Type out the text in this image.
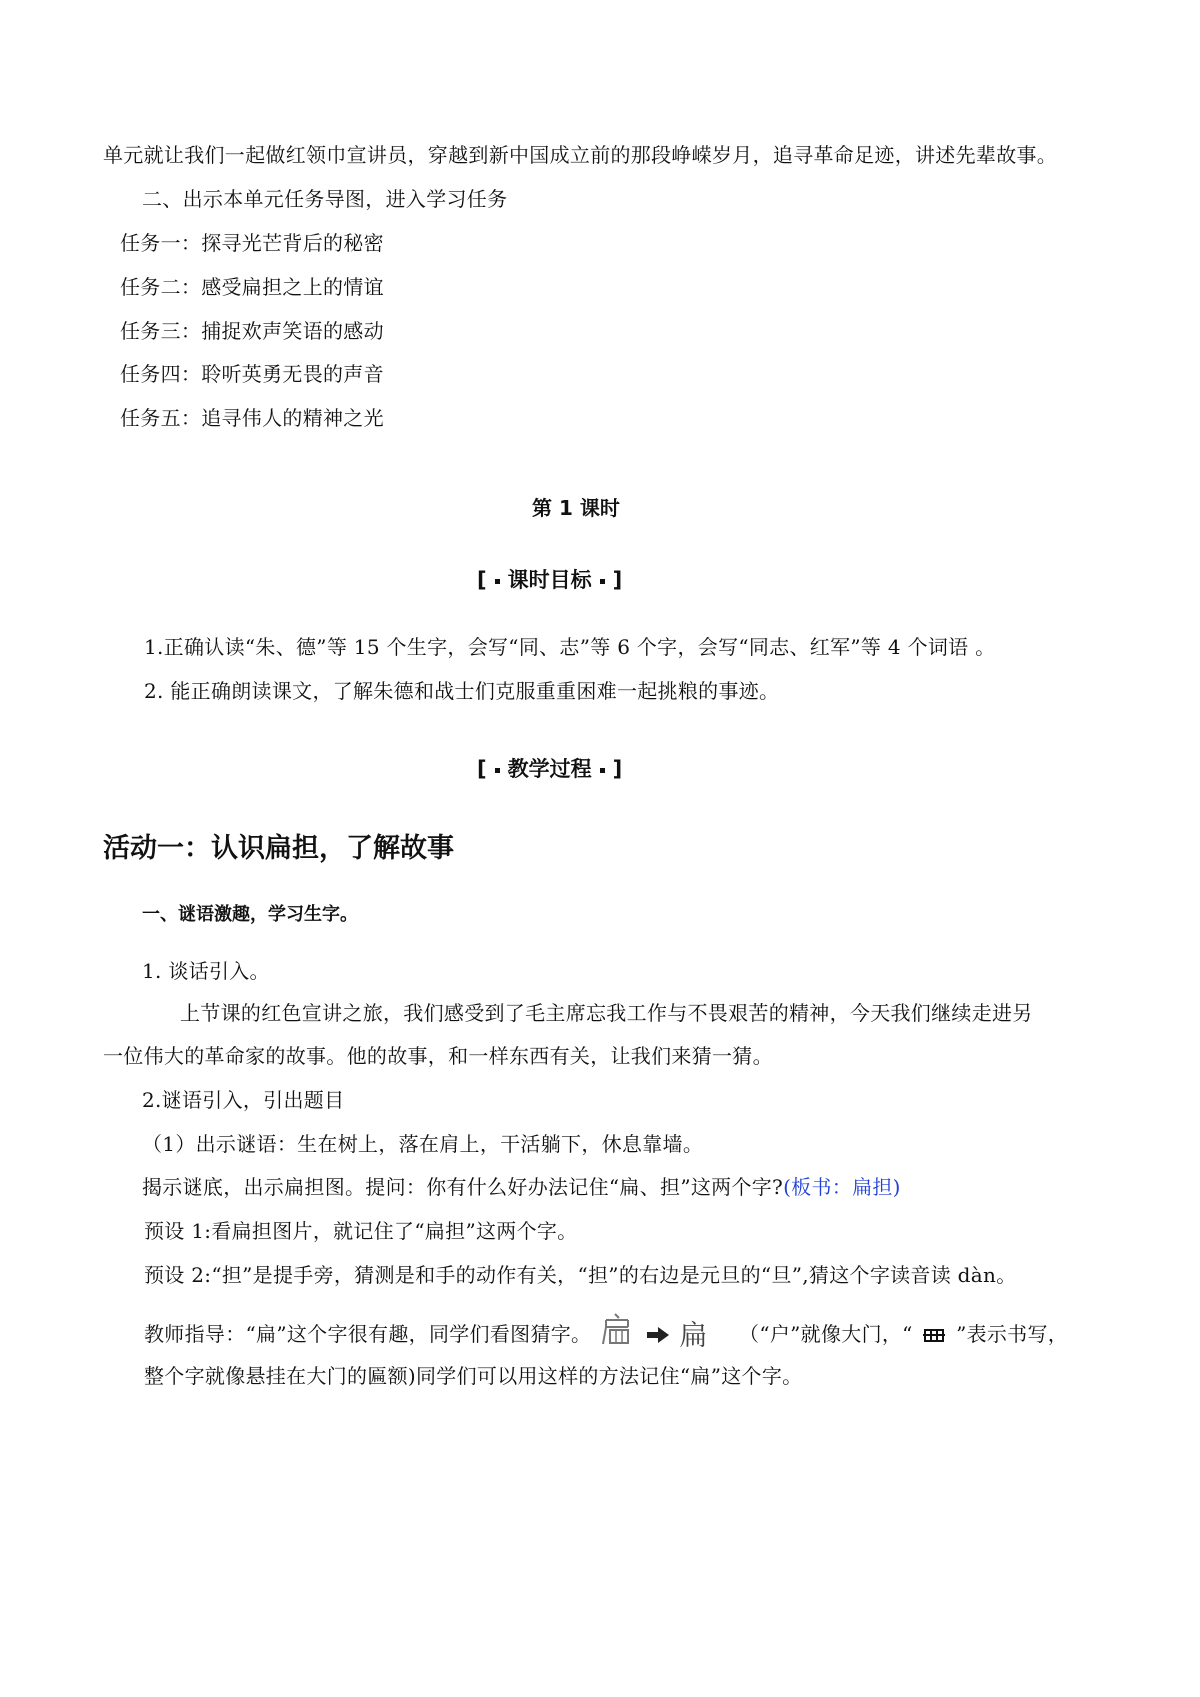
单元就让我们一起做红领巾宣讲员，穿越到新中国成立前的那段峥嵘岁月，追寻革命足迹，讲述先辈故事。
二、出示本单元任务导图，进入学习任务
任务一：探寻光芒背后的秘密
任务二：感受扁担之上的情谊
任务三：捕捉欢声笑语的感动
任务四：聆听英勇无畏的声音
任务五：追寻伟人的精神之光
第 1 课时
[ 课时目标 ]
1.正确认读“朱、德”等 15 个生字，会写“同、志”等 6 个字，会写“同志、红军”等 4 个词语 。
2. 能正确朗读课文，了解朱德和战士们克服重重困难一起挑粮的事迹。
[ 教学过程 ]
活动一：认识扁担，了解故事
一、谜语激趣，学习生字。
1. 谈话引入。
上节课的红色宣讲之旅，我们感受到了毛主席忘我工作与不畏艰苦的精神，今天我们继续走进另
一位伟大的革命家的故事。他的故事，和一样东西有关，让我们来猜一猜。
2.谜语引入，引出题目
（1）出示谜语：生在树上，落在肩上，干活躺下，休息靠墙。
揭示谜底，出示扁担图。提问：你有什么好办法记住“扁、担”这两个字?(板书：扁担)
预设 1:看扁担图片，就记住了“扁担”这两个字。
预设 2:“担”是提手旁，猜测是和手的动作有关，“担”的右边是元旦的“旦”,猜这个字读音读 dàn。
教师指导：“扁”这个字很有趣，同学们看图猜字。	扁 （“户”就像大门，“ ”表示书写，
整个字就像悬挂在大门的匾额)同学们可以用这样的方法记住“扁”这个字。
